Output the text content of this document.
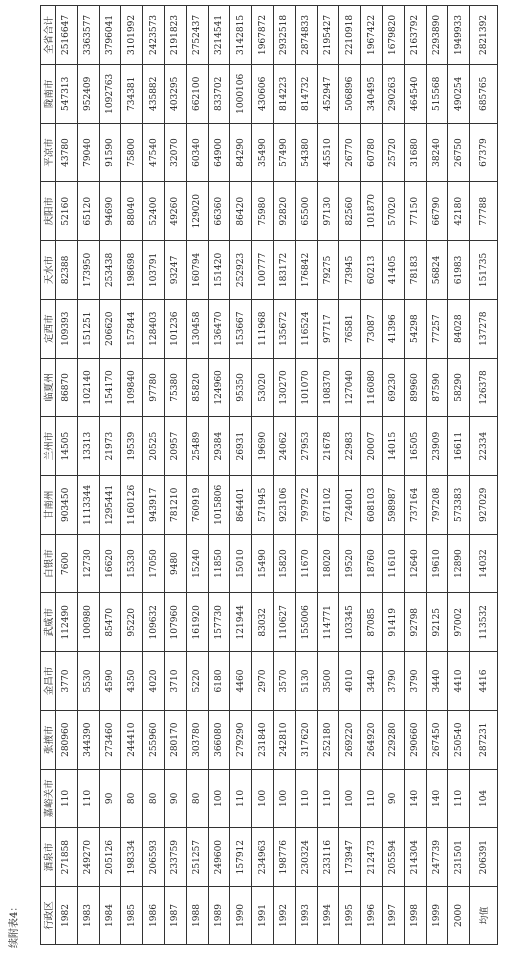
续附表4：	行政区	酒泉市	嘉峪关市	张掖市	金昌市	武威市	白银市	甘南州	兰州市	临夏州	定西市	天水市	庆阳市	平凉市	陇南市	全省合计
1982	271858	110	280960	3770	112490	7600	903450	14505	86870	109393	82388	52160	43780	547313	2516647
1983	249270	110	344390	5530	100980	12730	1113344	13313	102140	151251	173950	65120	79040	952409	3363577
1984	205126	90	273460	4590	85470	16620	1295441	21973	154170	206620	253438	94690	91590	1092763	3796041
1985	198334	80	244410	4350	95220	15330	1160126	19539	109840	157844	198698	88040	75800	734381	3101992
1986	206593	80	255960	4020	109632	17050	943917	20525	97780	128403	103791	52400	47540	435882	2423573
1987	233759	90	280170	3710	107960	9480	781210	20957	75380	101236	93247	49260	32070	403295	2191823
1988	251257	80	303780	5220	161920	15240	760919	25489	85820	130458	160794	129020	60340	662100	2752437
1989	249600	100	366080	6180	157730	11850	1015806	29384	124960	136470	151420	66360	64900	833702	3214541
1990	157912	110	279290	4460	121944	15010	864401	26931	95350	153667	252923	86420	84290	1000106	3142815
1991	234963	100	231840	2970	83032	15490	571945	19690	53020	111968	100777	75980	35490	430606	1967872
1992	198776	100	242810	3570	110627	15820	923106	24062	130270	135672	183172	92820	57490	814223	2932518
1993	230324	110	317620	5130	155006	11670	797972	27953	101070	116524	176842	65500	54380	814732	2874833
1994	233116	110	252180	3500	114771	18020	671102	21678	108370	97717	79275	97130	45510	452947	2195427
1995	173947	100	269220	4010	103345	19520	724001	22983	127040	76581	73945	82560	26770	506896	2210918
1996	212473	110	264920	3440	87085	18760	608103	20007	116080	73087	60213	101870	60780	340495	1967422
1997	205594	90	229280	3790	91419	11610	598987	14015	69230	41396	41405	57020	25720	290263	1679820
1998	214304	140	290660	3790	92798	12640	737164	16505	89960	54298	78183	77150	31680	464540	2163792
1999	247739	140	267450	3440	92125	19610	797208	23909	87590	77257	56824	66790	38240	515568	2293890
2000	231501	110	250540	4410	97002	12890	573383	16611	58290	84028	61983	42180	26750	490254	1949933
均值	206391	104	287231	4416	113532	14032	927029	22334	126378	137278	151735	77788	67379	685765	2821392
